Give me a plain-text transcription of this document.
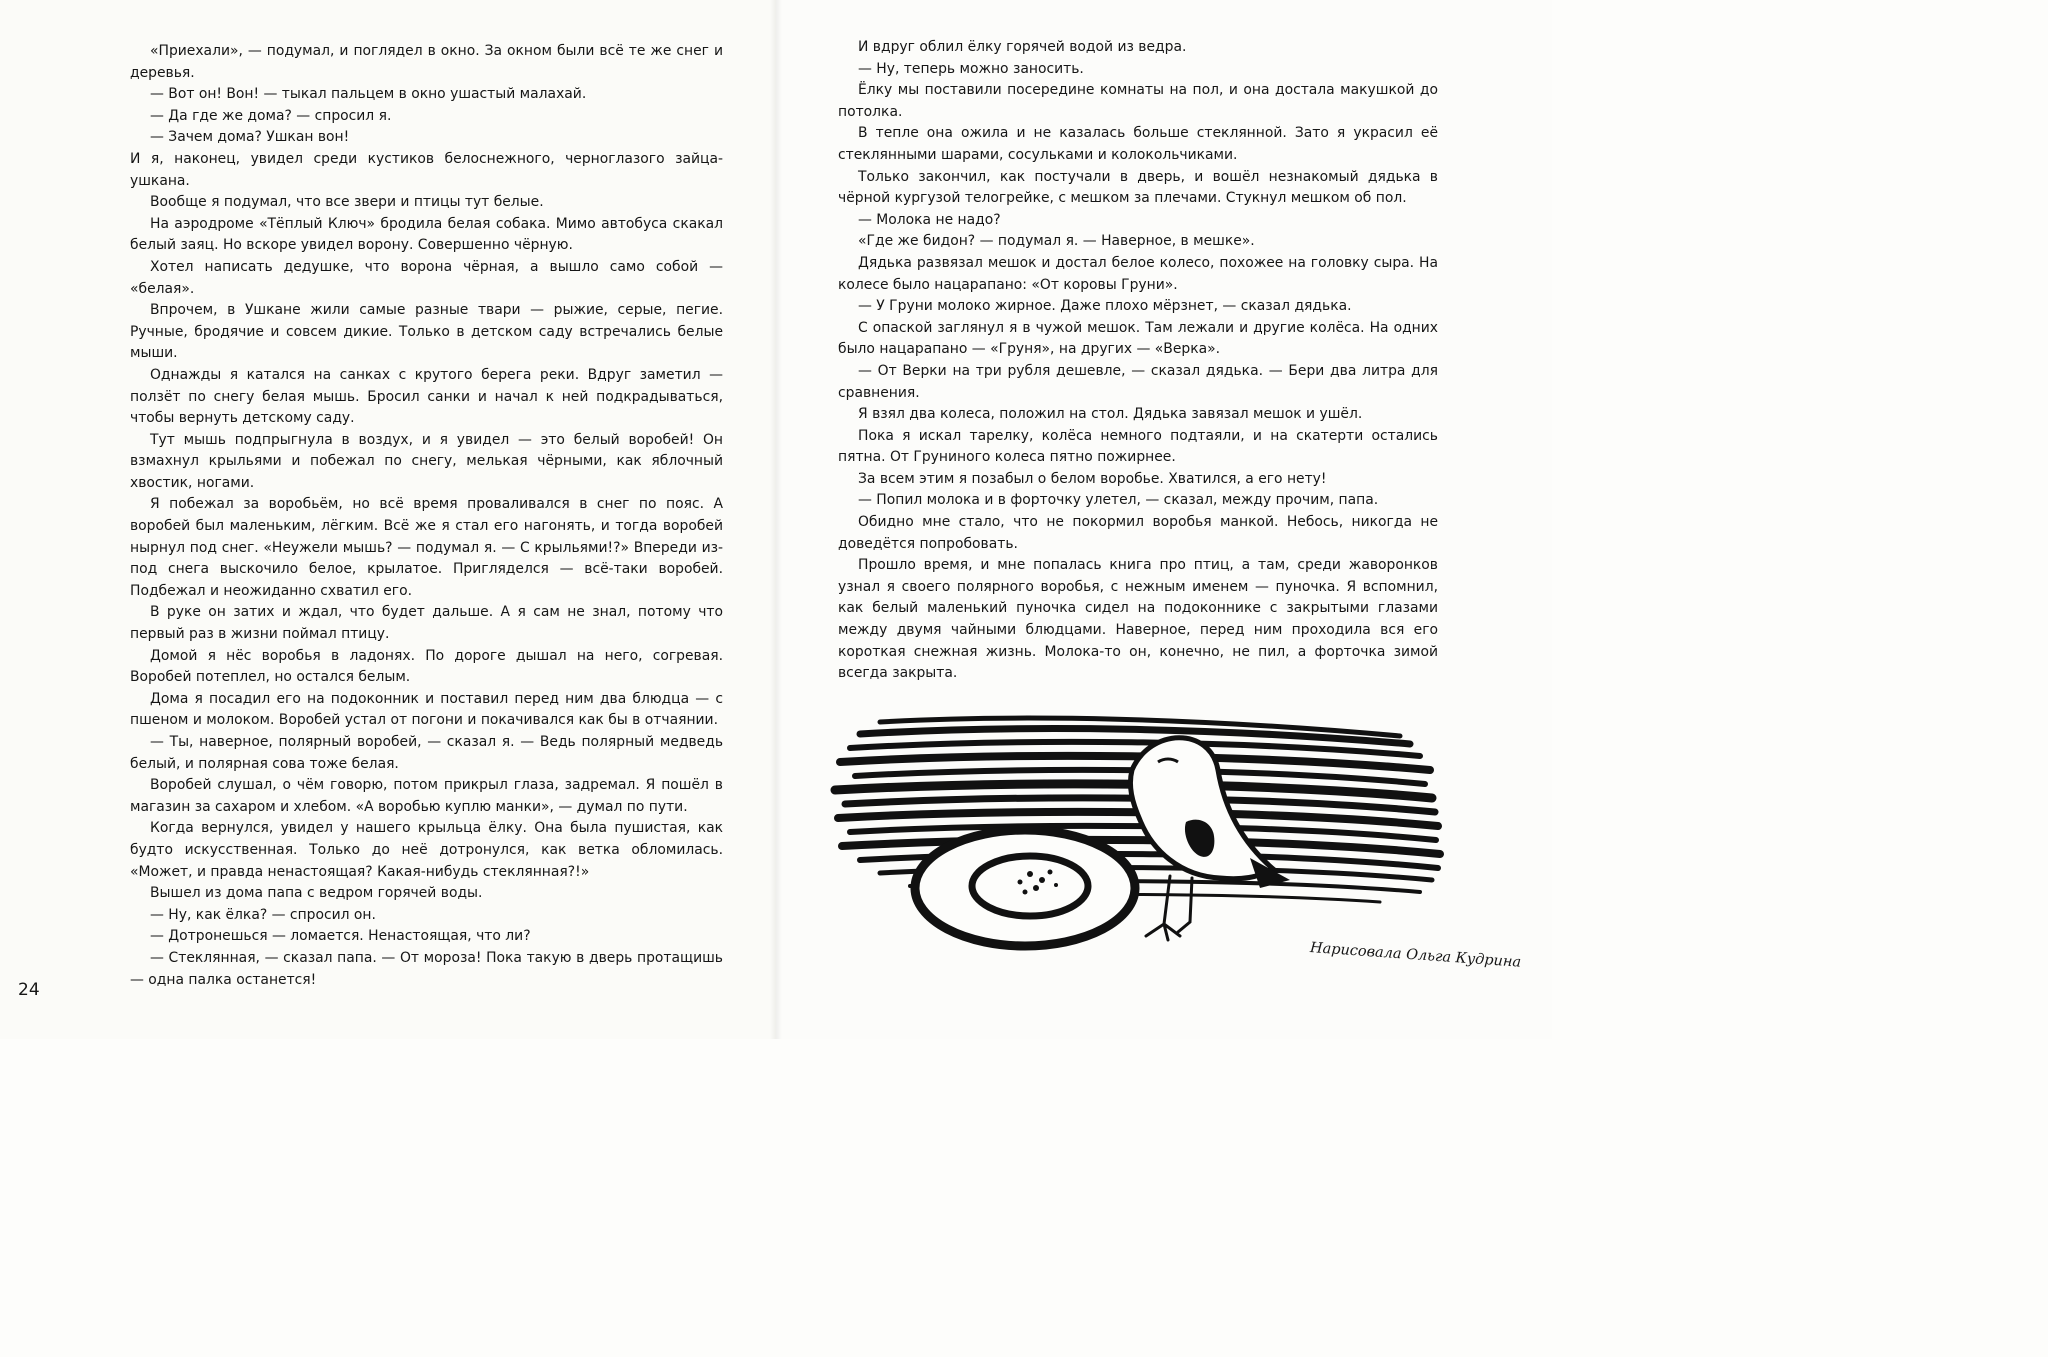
«Приехали», — подумал, и поглядел в окно. За окном были всё те же снег и деревья.

— Вот он! Вон! — тыкал пальцем в окно ушастый малахай.

— Да где же дома? — спросил я.

— Зачем дома? Ушкан вон!

И я, наконец, увидел среди кустиков белоснежного, черноглазого зайца-ушкана.

Вообще я подумал, что все звери и птицы тут белые.

На аэродроме «Тёплый Ключ» бродила белая собака. Мимо автобуса скакал белый заяц. Но вскоре увидел ворону. Совершенно чёрную.

Хотел написать дедушке, что ворона чёрная, а вышло само собой — «белая».

Впрочем, в Ушкане жили самые разные твари — рыжие, серые, пегие. Ручные, бродячие и совсем дикие. Только в детском саду встречались белые мыши.

Однажды я катался на санках с крутого берега реки. Вдруг заметил — ползёт по снегу белая мышь. Бросил санки и начал к ней подкрадываться, чтобы вернуть детскому саду.

Тут мышь подпрыгнула в воздух, и я увидел — это белый воробей! Он взмахнул крыльями и побежал по снегу, мелькая чёрными, как яблочный хвостик, ногами.

Я побежал за воробьём, но всё время проваливался в снег по пояс. А воробей был маленьким, лёгким. Всё же я стал его нагонять, и тогда воробей нырнул под снег. «Неужели мышь? — подумал я. — С крыльями!?» Впереди из-под снега выскочило белое, крылатое. Пригляделся — всё-таки воробей. Подбежал и неожиданно схватил его.

В руке он затих и ждал, что будет дальше. А я сам не знал, потому что первый раз в жизни поймал птицу.

Домой я нёс воробья в ладонях. По дороге дышал на него, согревая. Воробей потеплел, но остался белым.

Дома я посадил его на подоконник и поставил перед ним два блюдца — с пшеном и молоком. Воробей устал от погони и покачивался как бы в отчаянии.

— Ты, наверное, полярный воробей, — сказал я. — Ведь полярный медведь белый, и полярная сова тоже белая.

Воробей слушал, о чём говорю, потом прикрыл глаза, задремал. Я пошёл в магазин за сахаром и хлебом. «А воробью куплю манки», — думал по пути.

Когда вернулся, увидел у нашего крыльца ёлку. Она была пушистая, как будто искусственная. Только до неё дотронулся, как ветка обломилась. «Может, и правда ненастоящая? Какая-нибудь стеклянная?!»

Вышел из дома папа с ведром горячей воды.

— Ну, как ёлка? — спросил он.

— Дотронешься — ломается. Ненастоящая, что ли?

— Стеклянная, — сказал папа. — От мороза! Пока такую в дверь протащишь — одна палка останется!

24

И вдруг облил ёлку горячей водой из ведра.

— Ну, теперь можно заносить.

Ёлку мы поставили посередине комнаты на пол, и она достала макушкой до потолка.

В тепле она ожила и не казалась больше стеклянной. Зато я украсил её стеклянными шарами, сосульками и колокольчиками.

Только закончил, как постучали в дверь, и вошёл незнакомый дядька в чёрной кургузой телогрейке, с мешком за плечами. Стукнул мешком об пол.

— Молока не надо?

«Где же бидон? — подумал я. — Наверное, в мешке».

Дядька развязал мешок и достал белое колесо, похожее на головку сыра. На колесе было нацарапано: «От коровы Груни».

— У Груни молоко жирное. Даже плохо мёрзнет, — сказал дядька.

С опаской заглянул я в чужой мешок. Там лежали и другие колёса. На одних было нацарапано — «Груня», на других — «Верка».

— От Верки на три рубля дешевле, — сказал дядька. — Бери два литра для сравнения.

Я взял два колеса, положил на стол. Дядька завязал мешок и ушёл.

Пока я искал тарелку, колёса немного подтаяли, и на скатерти остались пятна. От Груниного колеса пятно пожирнее.

За всем этим я позабыл о белом воробье. Хватился, а его нету!

— Попил молока и в форточку улетел, — сказал, между прочим, папа.

Обидно мне стало, что не покормил воробья манкой. Небось, никогда не доведётся попробовать.

Прошло время, и мне попалась книга про птиц, а там, среди жаворонков узнал я своего полярного воробья, с нежным именем — пуночка. Я вспомнил, как белый маленький пуночка сидел на подоконнике с закрытыми глазами между двумя чайными блюдцами. Наверное, перед ним проходила вся его короткая снежная жизнь. Молока-то он, конечно, не пил, а форточка зимой всегда закрыта.

Нарисовала Ольга Кудрина
